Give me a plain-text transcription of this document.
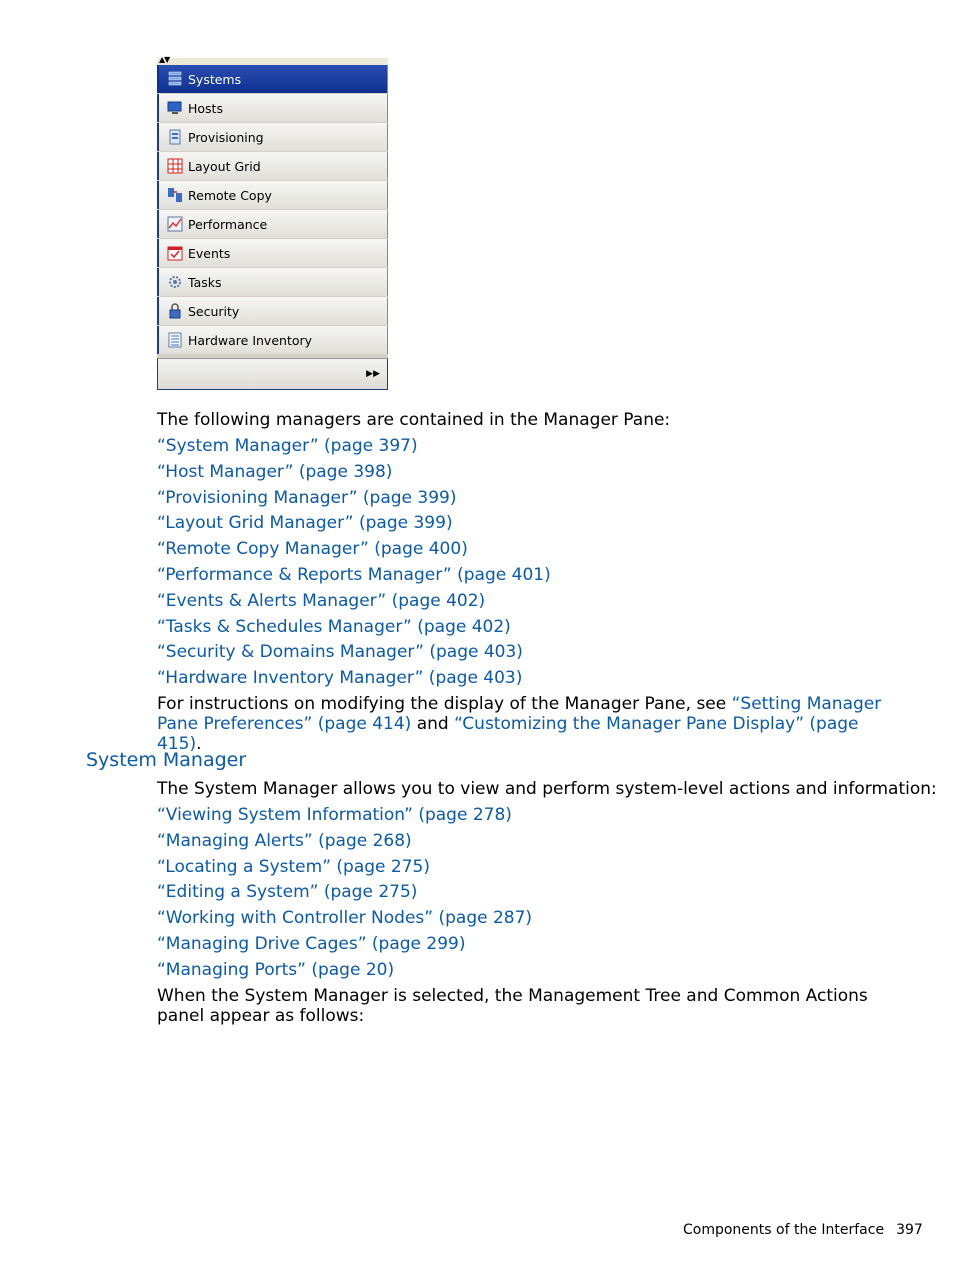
▲▼
Systems
Hosts
Provisioning
Layout Grid
Remote Copy
Performance
Events
Tasks
Security
Hardware Inventory
▶▶
The following managers are contained in the Manager Pane:
“System Manager” (page 397)
“Host Manager” (page 398)
“Provisioning Manager” (page 399)
“Layout Grid Manager” (page 399)
“Remote Copy Manager” (page 400)
“Performance & Reports Manager” (page 401)
“Events & Alerts Manager” (page 402)
“Tasks & Schedules Manager” (page 402)
“Security & Domains Manager” (page 403)
“Hardware Inventory Manager” (page 403)
For instructions on modifying the display of the Manager Pane, see “Setting Manager Pane Preferences” (page 414) and “Customizing the Manager Pane Display” (page 415).
System Manager
The System Manager allows you to view and perform system-level actions and information:
“Viewing System Information” (page 278)
“Managing Alerts” (page 268)
“Locating a System” (page 275)
“Editing a System” (page 275)
“Working with Controller Nodes” (page 287)
“Managing Drive Cages” (page 299)
“Managing Ports” (page 20)
When the System Manager is selected, the Management Tree and Common Actions panel appear as follows:
Components of the Interface 397
